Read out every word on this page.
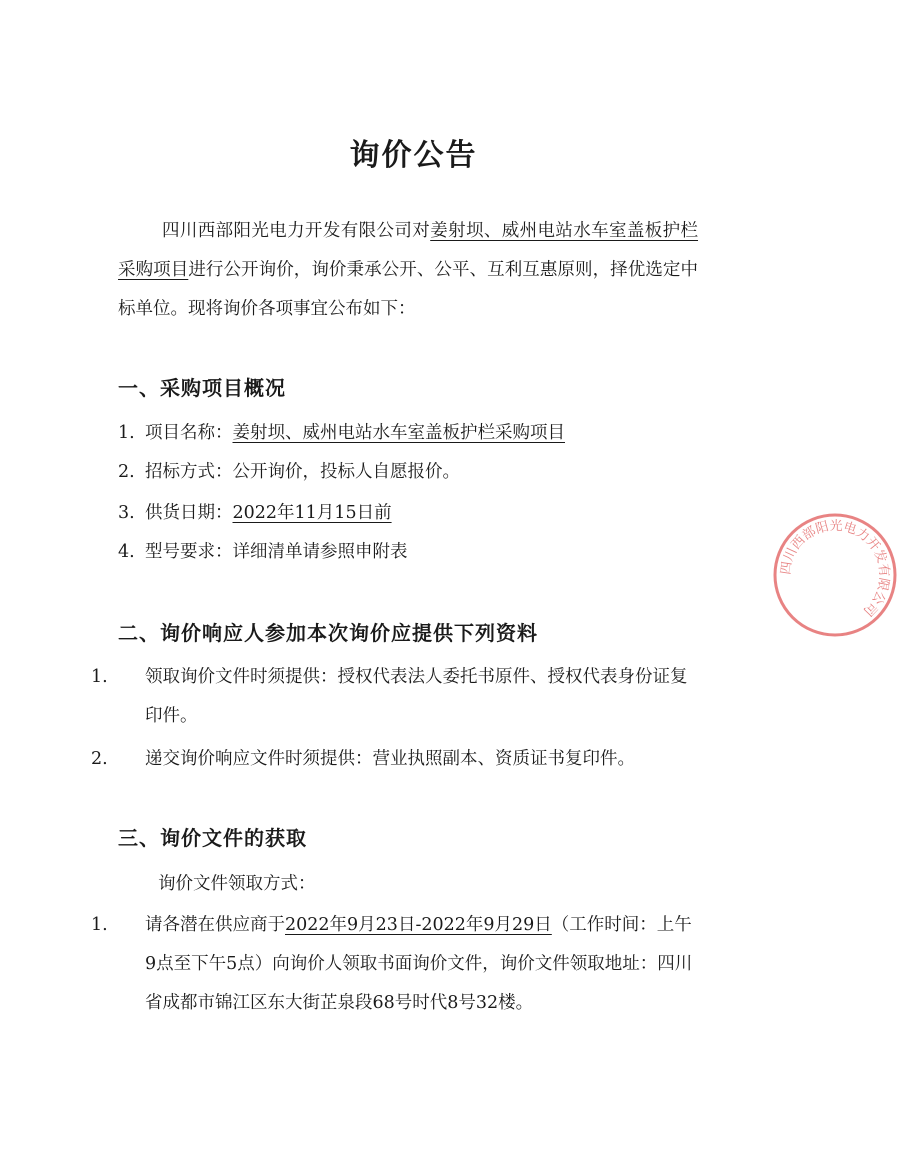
询价公告

四川西部阳光电力开发有限公司对姜射坝、威州电站水车室盖板护栏采购项目进行公开询价，询价秉承公开、公平、互利互惠原则，择优选定中标单位。现将询价各项事宜公布如下：

一、采购项目概况
1. 项目名称：姜射坝、威州电站水车室盖板护栏采购项目
2. 招标方式：公开询价，投标人自愿报价。
3. 供货日期：2022年11月15日前
4. 型号要求：详细清单请参照申附表
二、询价响应人参加本次询价应提供下列资料
1. 领取询价文件时须提供：授权代表法人委托书原件、授权代表身份证复印件。
2. 递交询价响应文件时须提供：营业执照副本、资质证书复印件。
三、询价文件的获取
询价文件领取方式：
1. 请各潜在供应商于2022年9月23日-2022年9月29日（工作时间：上午9点至下午5点）向询价人领取书面询价文件，询价文件领取地址：四川省成都市锦江区东大街芷泉段68号时代8号32楼。
四川西部阳光电力开发有限公司
